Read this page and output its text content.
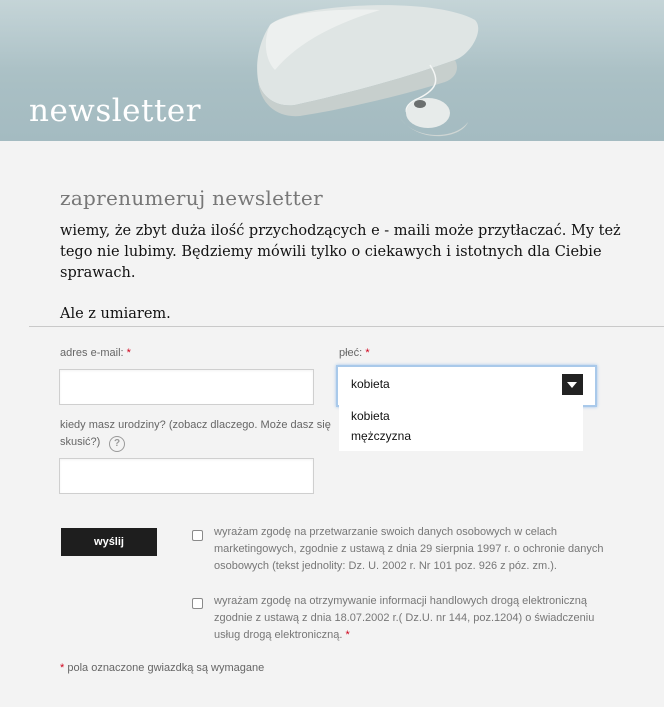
newsletter
zaprenumeruj newsletter

wiemy, że zbyt duża ilość przychodzących e - maili może przytłaczać. My też tego nie lubimy. Będziemy mówili tylko o ciekawych i istotnych dla Ciebie sprawach.

Ale z umiarem.

adres e-mail: *	płeć: *
kobieta
kobieta
mężczyzna
kiedy masz urodziny? (zobacz dlaczego. Może dasz się skusić?)	?
wyślij
wyrażam zgodę na przetwarzanie swoich danych osobowych w celach marketingowych, zgodnie z ustawą z dnia 29 sierpnia 1997 r. o ochronie danych osobowych (tekst jednolity: Dz. U. 2002 r. Nr 101 poz. 926 z póz. zm.).
wyrażam zgodę na otrzymywanie informacji handlowych drogą elektroniczną zgodnie z ustawą z dnia 18.07.2002 r.( Dz.U. nr 144, poz.1204) o świadczeniu usług drogą elektroniczną. *
* pola oznaczone gwiazdką są wymagane
